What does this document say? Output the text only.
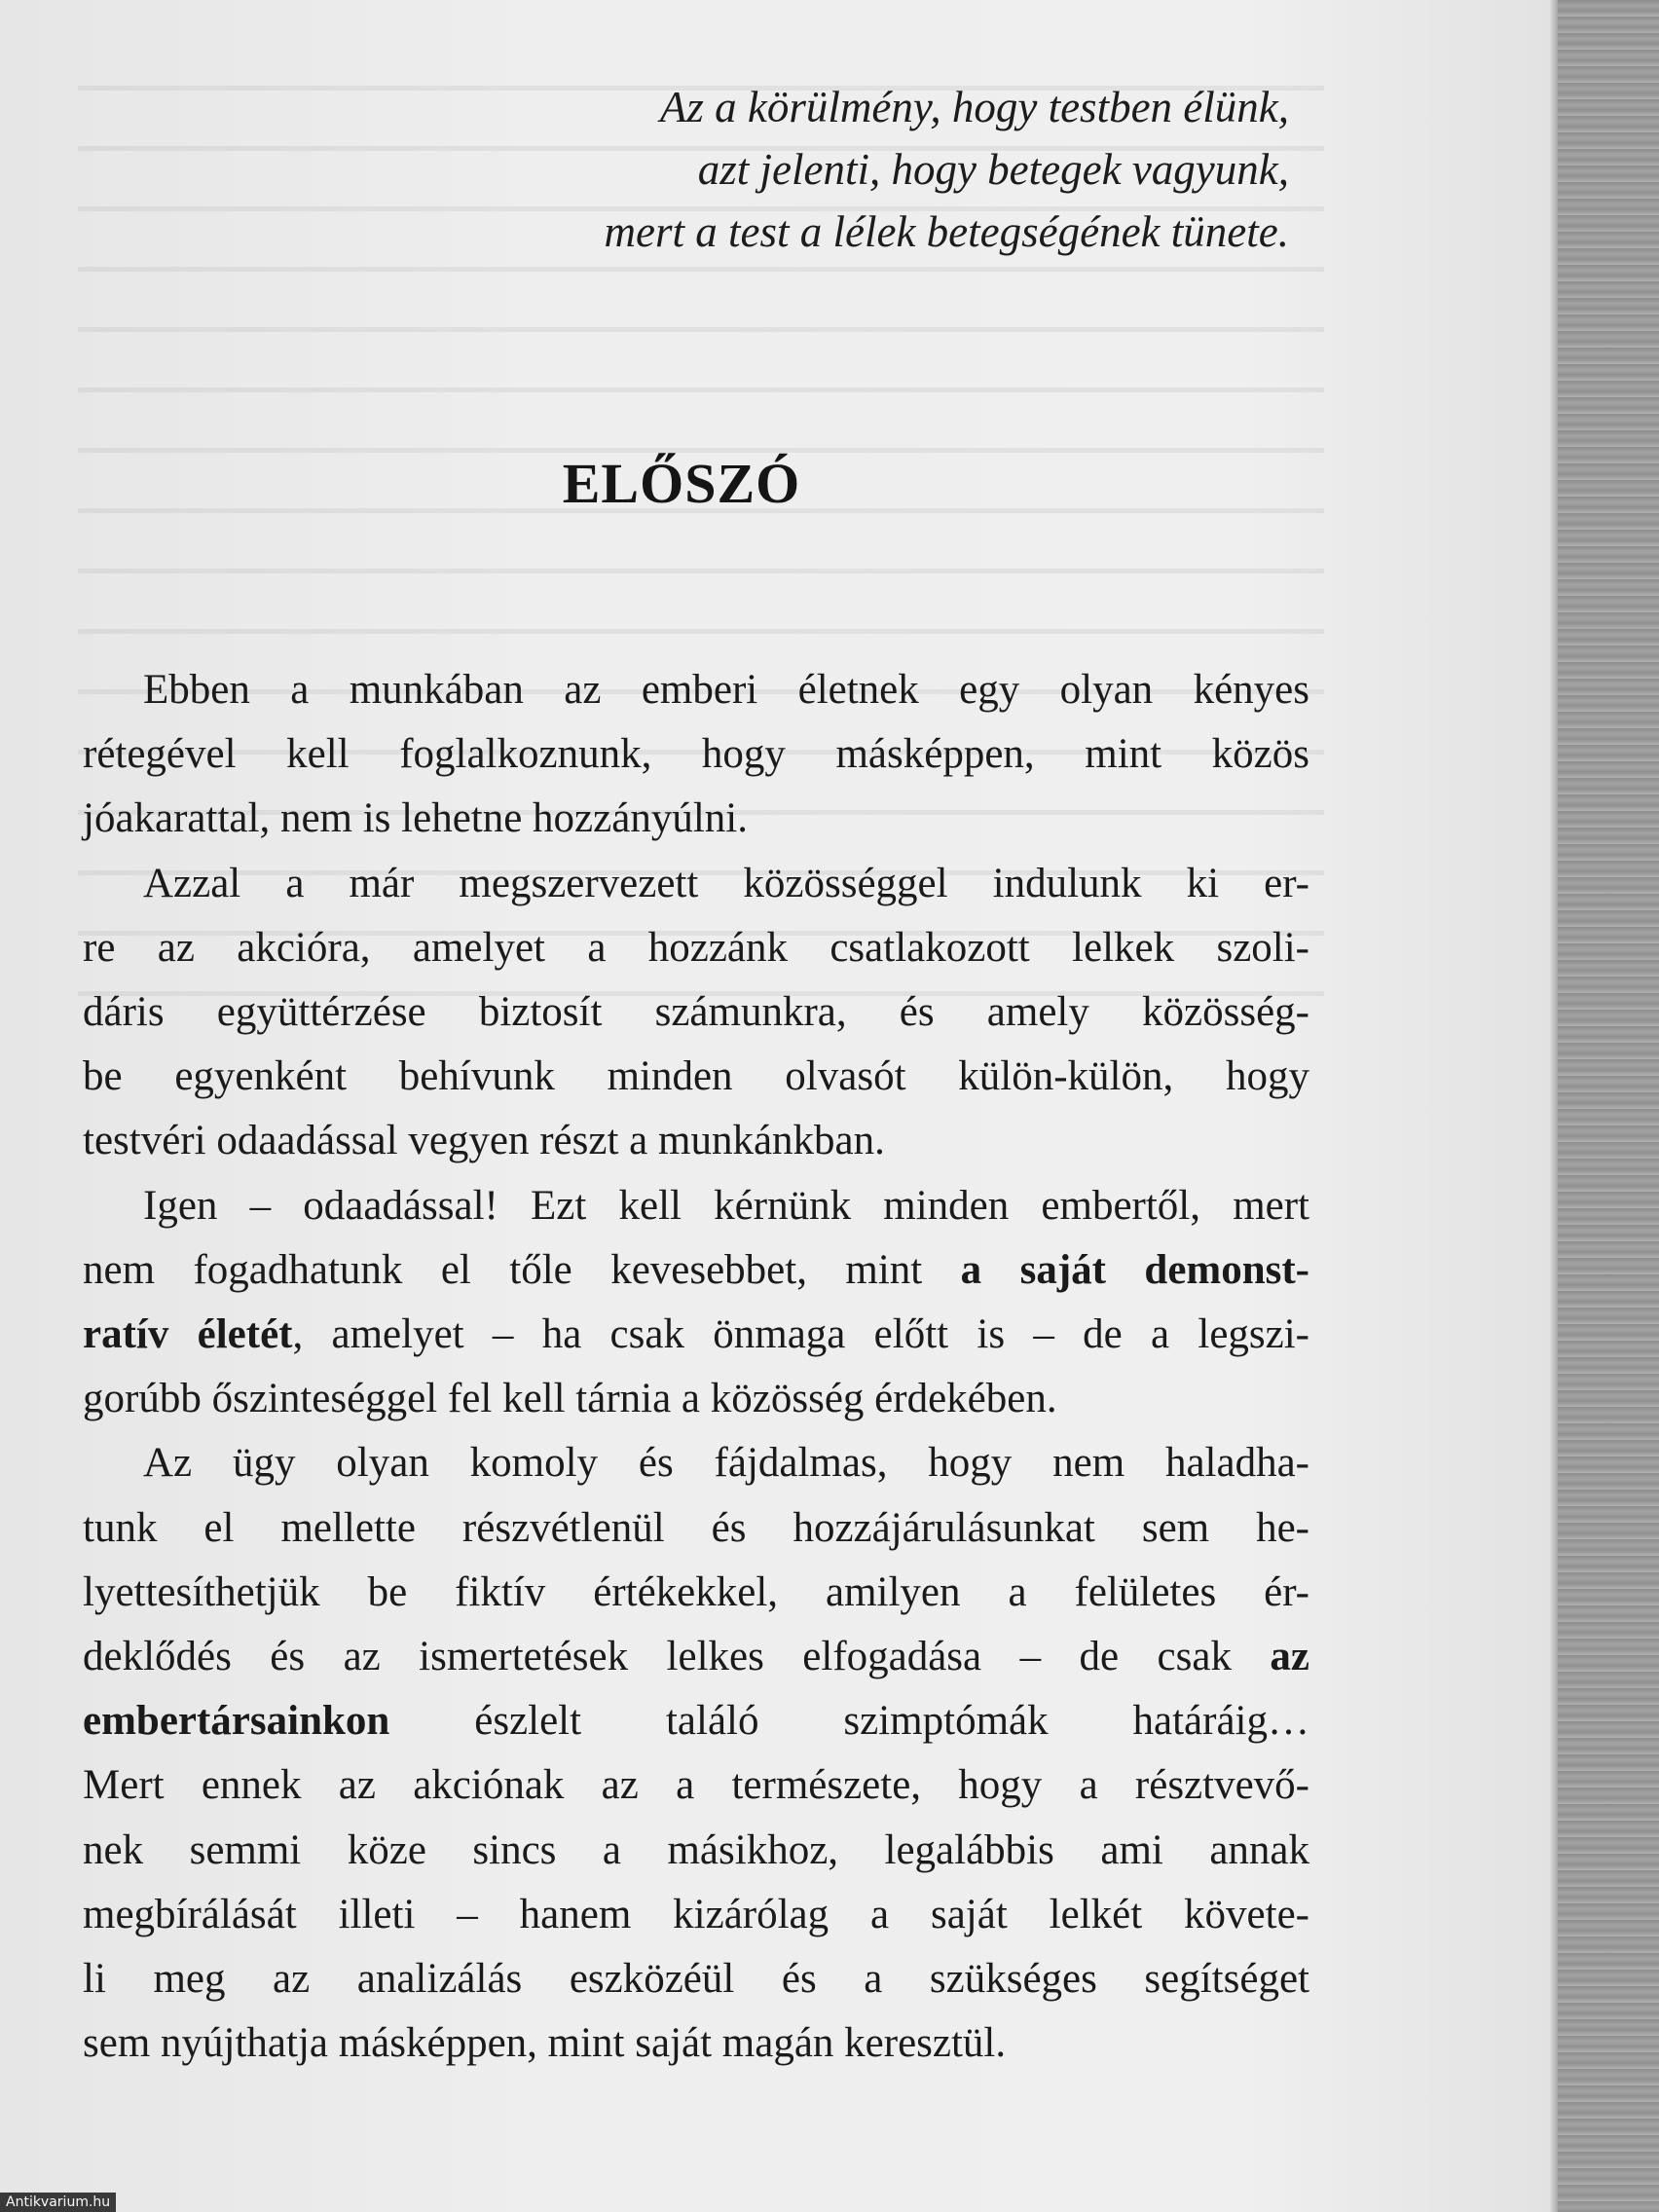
Az a körülmény, hogy testben élünk,
azt jelenti, hogy betegek vagyunk,
mert a test a lélek betegségének tünete.
ELŐSZÓ
Ebben a munkában az emberi életnek egy olyan kényes
rétegével kell foglalkoznunk, hogy másképpen, mint közös
jóakarattal, nem is lehetne hozzányúlni.
Azzal a már megszervezett közösséggel indulunk ki er-
re az akcióra, amelyet a hozzánk csatlakozott lelkek szoli-
dáris együttérzése biztosít számunkra, és amely közösség-
be egyenként behívunk minden olvasót külön-külön, hogy
testvéri odaadással vegyen részt a munkánkban.
Igen – odaadással! Ezt kell kérnünk minden embertől, mert
nem fogadhatunk el tőle kevesebbet, mint a saját demonst-
ratív életét, amelyet – ha csak önmaga előtt is – de a legszi-
gorúbb őszinteséggel fel kell tárnia a közösség érdekében.
Az ügy olyan komoly és fájdalmas, hogy nem haladha-
tunk el mellette részvétlenül és hozzájárulásunkat sem he-
lyettesíthetjük be fiktív értékekkel, amilyen a felületes ér-
deklődés és az ismertetések lelkes elfogadása – de csak az
embertársainkon észlelt találó szimptómák határáig…
Mert ennek az akciónak az a természete, hogy a résztvevő-
nek semmi köze sincs a másikhoz, legalábbis ami annak
megbírálását illeti – hanem kizárólag a saját lelkét követe-
li meg az analizálás eszközéül és a szükséges segítséget
sem nyújthatja másképpen, mint saját magán keresztül.
Antikvarium.hu
